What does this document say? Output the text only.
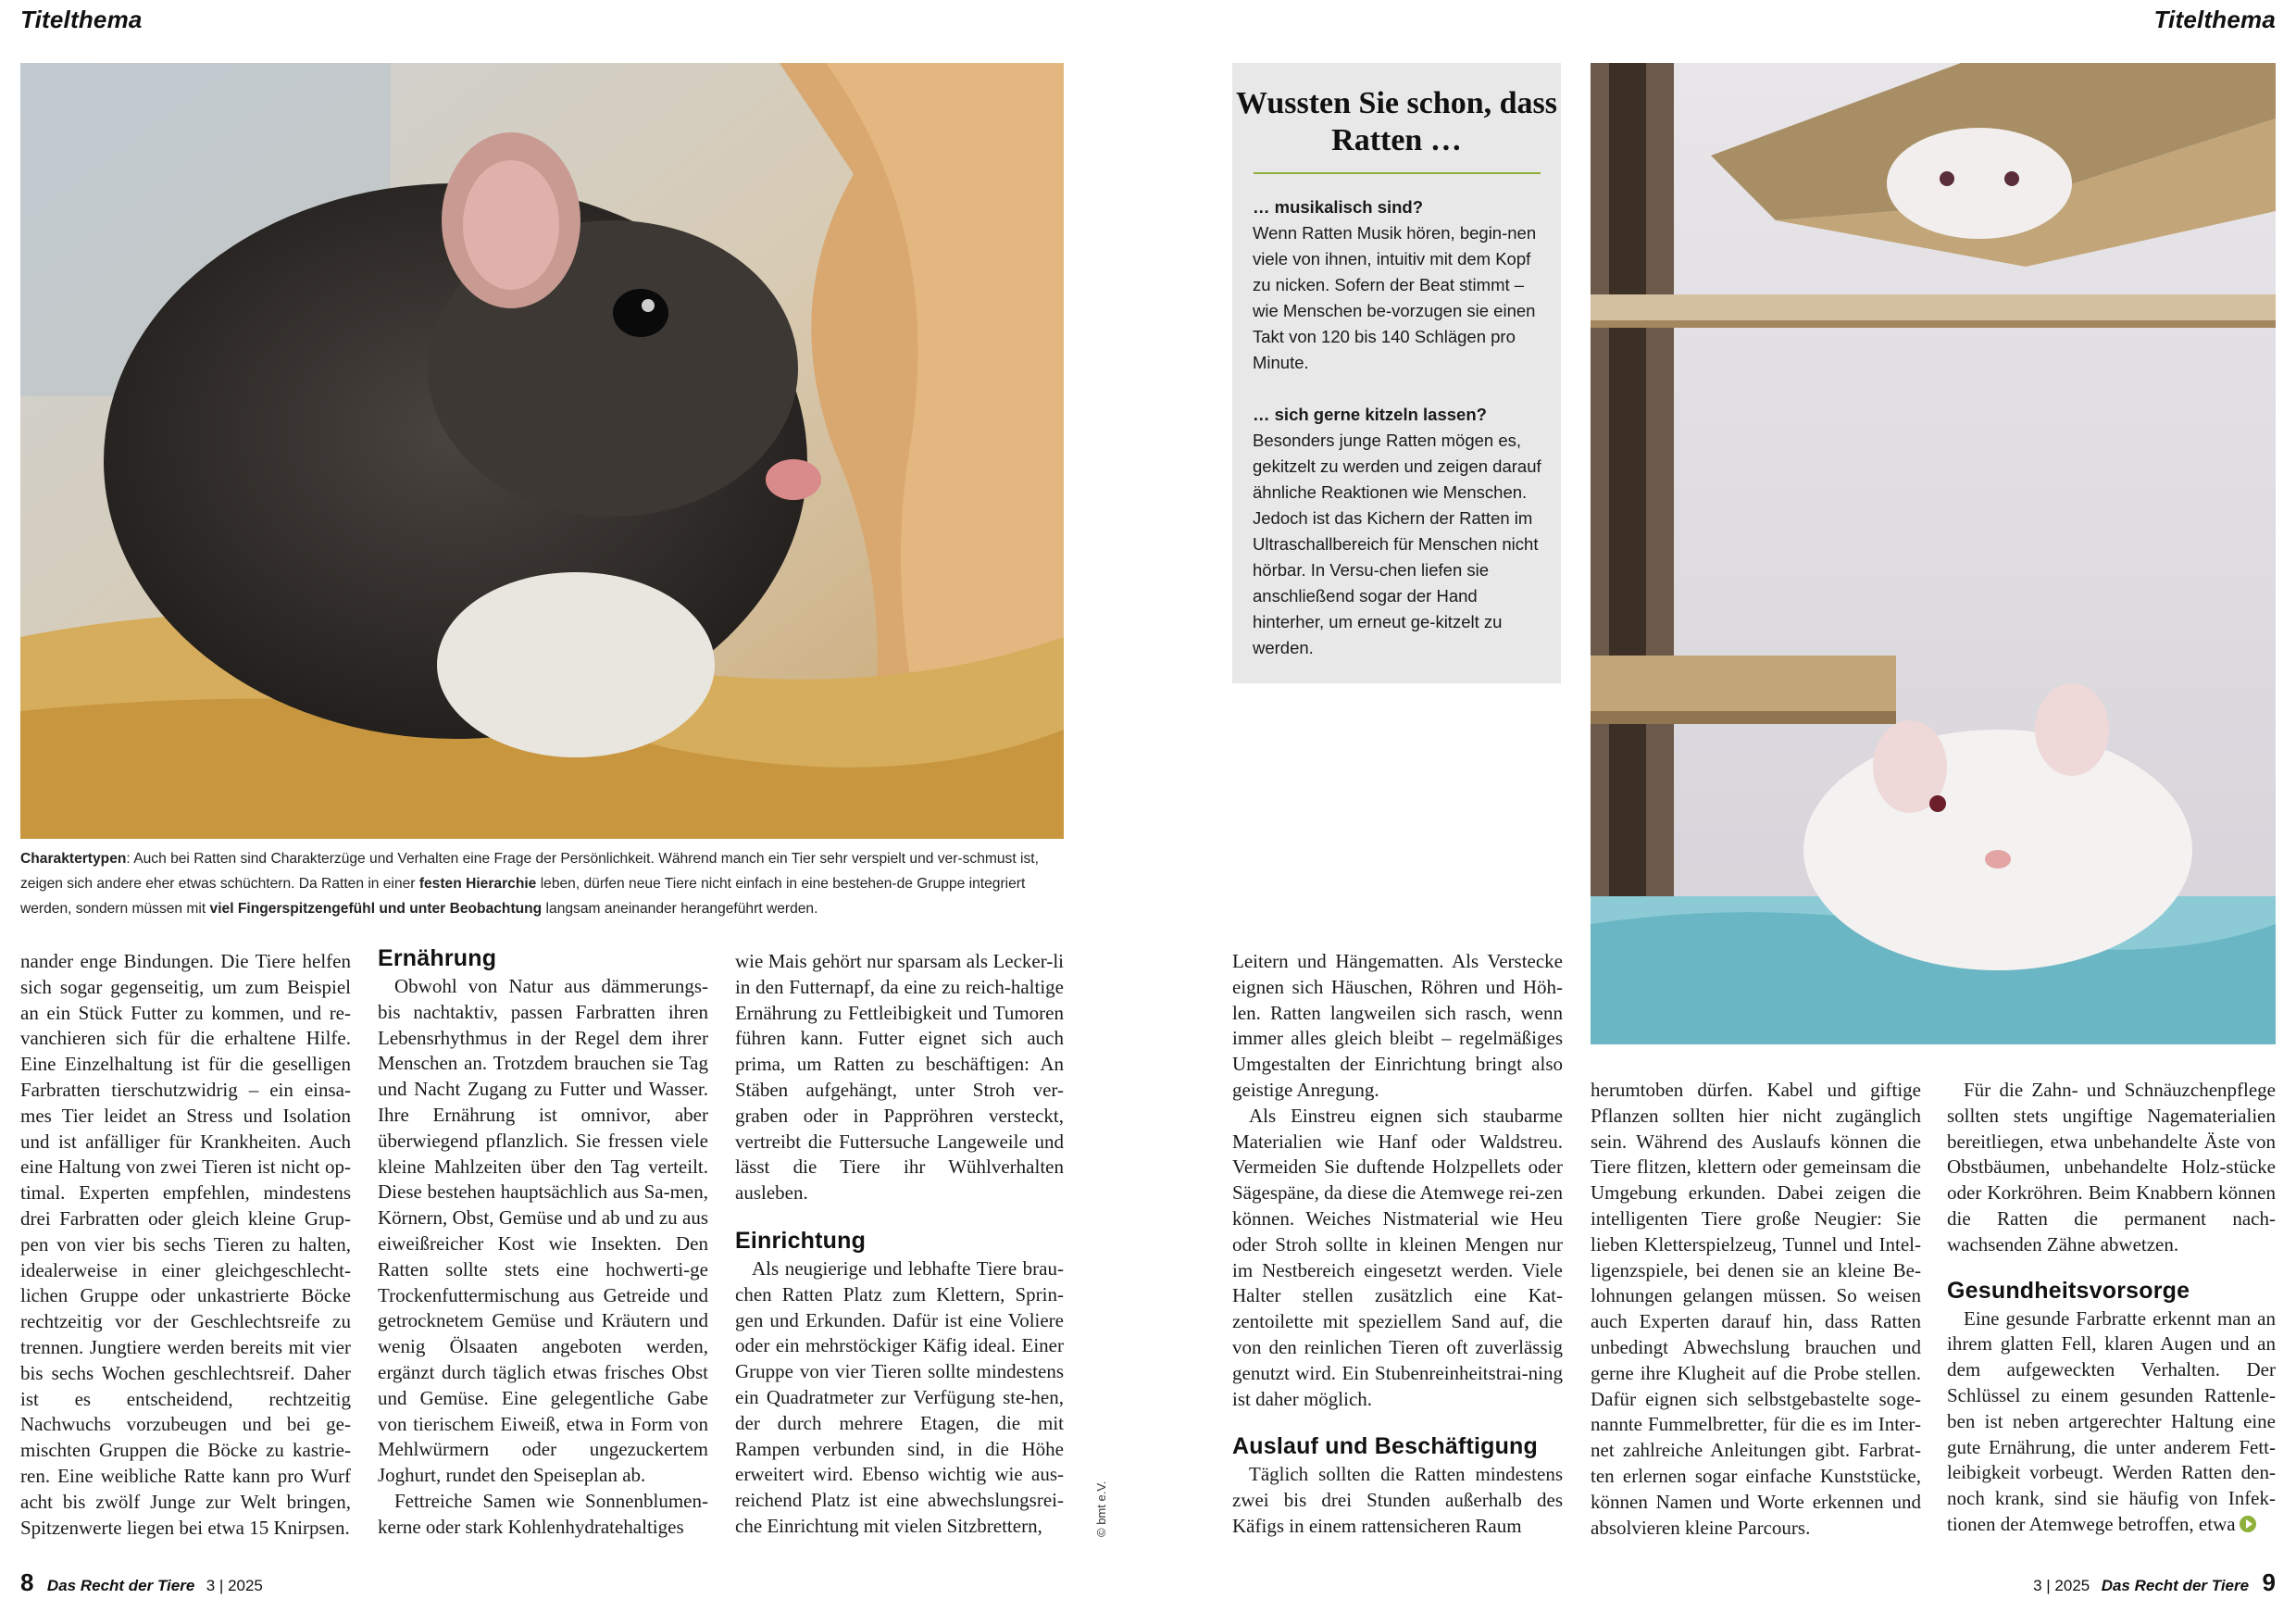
Titelthema	Titelthema
Charaktertypen: Auch bei Ratten sind Charakterzüge und Verhalten eine Frage der Persönlichkeit. Während manch ein Tier sehr verspielt und ver-schmust ist, zeigen sich andere eher etwas schüchtern. Da Ratten in einer festen Hierarchie leben, dürfen neue Tiere nicht einfach in eine bestehen-de Gruppe integriert werden, sondern müssen mit viel Fingerspitzengefühl und unter Beobachtung langsam aneinander herangeführt werden.

nander enge Bindungen. Die Tiere helfen sich sogar gegenseitig, um zum Beispiel an ein Stück Futter zu kommen, und re-vanchieren sich für die erhaltene Hilfe. Eine Einzelhaltung ist für die geselligen Farbratten tierschutzwidrig – ein einsa-mes Tier leidet an Stress und Isolation und ist anfälliger für Krankheiten. Auch eine Haltung von zwei Tieren ist nicht op-timal. Experten empfehlen, mindestens drei Farbratten oder gleich kleine Grup-pen von vier bis sechs Tieren zu halten, idealerweise in einer gleichgeschlecht-lichen Gruppe oder unkastrierte Böcke rechtzeitig vor der Geschlechtsreife zu trennen. Jungtiere werden bereits mit vier bis sechs Wochen geschlechtsreif. Daher ist es entscheidend, rechtzeitig Nachwuchs vorzubeugen und bei ge-mischten Gruppen die Böcke zu kastrie-ren. Eine weibliche Ratte kann pro Wurf acht bis zwölf Junge zur Welt bringen, Spitzenwerte liegen bei etwa 15 Knirpsen.

Ernährung

Obwohl von Natur aus dämmerungs- bis nachtaktiv, passen Farbratten ihren Lebensrhythmus in der Regel dem ihrer Menschen an. Trotzdem brauchen sie Tag und Nacht Zugang zu Futter und Wasser. Ihre Ernährung ist omnivor, aber überwiegend pflanzlich. Sie fressen viele kleine Mahlzeiten über den Tag verteilt. Diese bestehen hauptsächlich aus Sa-men, Körnern, Obst, Gemüse und ab und zu aus eiweißreicher Kost wie Insekten. Den Ratten sollte stets eine hochwerti-ge Trockenfuttermischung aus Getreide und getrocknetem Gemüse und Kräutern und wenig Ölsaaten angeboten werden, ergänzt durch täglich etwas frisches Obst und Gemüse. Eine gelegentliche Gabe von tierischem Eiweiß, etwa in Form von Mehlwürmern oder ungezuckertem Joghurt, rundet den Speiseplan ab.

Fettreiche Samen wie Sonnenblumen-kerne oder stark Kohlenhydratehaltiges

wie Mais gehört nur sparsam als Lecker-li in den Futternapf, da eine zu reich-haltige Ernährung zu Fettleibigkeit und Tumoren führen kann. Futter eignet sich auch prima, um Ratten zu beschäftigen: An Stäben aufgehängt, unter Stroh ver-graben oder in Pappröhren versteckt, vertreibt die Futtersuche Langeweile und lässt die Tiere ihr Wühlverhalten ausleben.

Einrichtung

Als neugierige und lebhafte Tiere brau-chen Ratten Platz zum Klettern, Sprin-gen und Erkunden. Dafür ist eine Voliere oder ein mehrstöckiger Käfig ideal. Einer Gruppe von vier Tieren sollte mindestens ein Quadratmeter zur Verfügung ste-hen, der durch mehrere Etagen, die mit Rampen verbunden sind, in die Höhe erweitert wird. Ebenso wichtig wie aus-reichend Platz ist eine abwechslungsrei-che Einrichtung mit vielen Sitzbrettern,	© bmt e.V.
Wussten Sie schon, dass Ratten …
… musikalisch sind?
Wenn Ratten Musik hören, begin-nen viele von ihnen, intuitiv mit dem Kopf zu nicken. Sofern der Beat stimmt – wie Menschen be-vorzugen sie einen Takt von 120 bis 140 Schlägen pro Minute.
… sich gerne kitzeln lassen?
Besonders junge Ratten mögen es, gekitzelt zu werden und zeigen darauf ähnliche Reaktionen wie Menschen. Jedoch ist das Kichern der Ratten im Ultraschallbereich für Menschen nicht hörbar. In Versu-chen liefen sie anschließend sogar der Hand hinterher, um erneut ge-kitzelt zu werden.

Leitern und Hängematten. Als Verstecke eignen sich Häuschen, Röhren und Höh-len. Ratten langweilen sich rasch, wenn immer alles gleich bleibt – regelmäßiges Umgestalten der Einrichtung bringt also geistige Anregung.

Als Einstreu eignen sich staubarme Materialien wie Hanf oder Waldstreu. Vermeiden Sie duftende Holzpellets oder Sägespäne, da diese die Atemwege rei-zen können. Weiches Nistmaterial wie Heu oder Stroh sollte in kleinen Mengen nur im Nestbereich eingesetzt werden. Viele Halter stellen zusätzlich eine Kat-zentoilette mit speziellem Sand auf, die von den reinlichen Tieren oft zuverlässig genutzt wird. Ein Stubenreinheitstrai-ning ist daher möglich.

Auslauf und Beschäftigung

Täglich sollten die Ratten mindestens zwei bis drei Stunden außerhalb des Käfigs in einem rattensicheren Raum

herumtoben dürfen. Kabel und giftige Pflanzen sollten hier nicht zugänglich sein. Während des Auslaufs können die Tiere flitzen, klettern oder gemeinsam die Umgebung erkunden. Dabei zeigen die intelligenten Tiere große Neugier: Sie lieben Kletterspielzeug, Tunnel und Intel-ligenzspiele, bei denen sie an kleine Be-lohnungen gelangen müssen. So weisen auch Experten darauf hin, dass Ratten unbedingt Abwechslung brauchen und gerne ihre Klugheit auf die Probe stellen. Dafür eignen sich selbstgebastelte soge-nannte Fummelbretter, für die es im Inter-net zahlreiche Anleitungen gibt. Farbrat-ten erlernen sogar einfache Kunststücke, können Namen und Worte erkennen und absolvieren kleine Parcours.

Für die Zahn- und Schnäuzchenpflege sollten stets ungiftige Nagematerialien bereitliegen, etwa unbehandelte Äste von Obstbäumen, unbehandelte Holz-stücke oder Korkröhren. Beim Knabbern können die Ratten die permanent nach-wachsenden Zähne abwetzen.

Gesundheitsvorsorge

Eine gesunde Farbratte erkennt man an ihrem glatten Fell, klaren Augen und an dem aufgeweckten Verhalten. Der Schlüssel zu einem gesunden Rattenle-ben ist neben artgerechter Haltung eine gute Ernährung, die unter anderem Fett-leibigkeit vorbeugt. Werden Ratten den-noch krank, sind sie häufig von Infek-tionen der Atemwege betroffen, etwa

8 Das Recht der Tiere 3 | 2025	3 | 2025 Das Recht der Tiere 9
